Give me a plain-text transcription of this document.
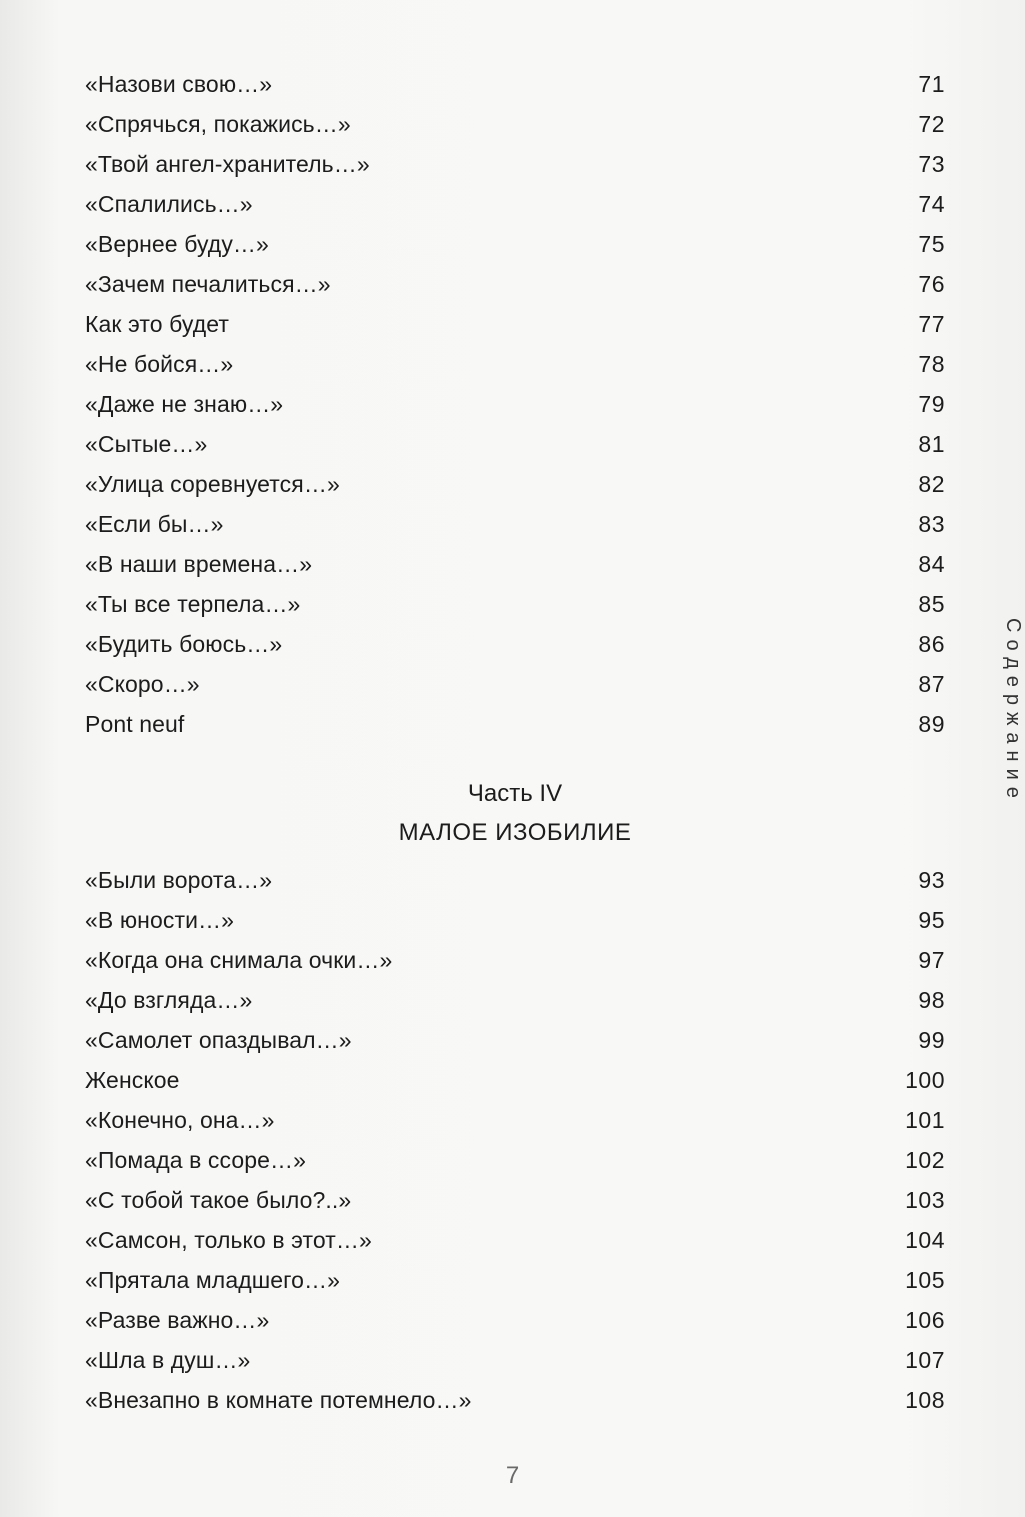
«Назови свою…»	71
«Спрячься, покажись…»	72
«Твой ангел-хранитель…»	73
«Спалились…»	74
«Вернее буду…»	75
«Зачем печалиться…»	76
Как это будет	77
«Не бойся…»	78
«Даже не знаю…»	79
«Сытые…»	81
«Улица соревнуется…»	82
«Если бы…»	83
«В наши времена…»	84
«Ты все терпела…»	85
«Будить боюсь…»	86
«Скоро…»	87
Pont neuf	89
Часть IV
МАЛОЕ ИЗОБИЛИЕ
«Были ворота…»	93
«В юности…»	95
«Когда она снимала очки…»	97
«До взгляда…»	98
«Самолет опаздывал…»	99
Женское	100
«Конечно, она…»	101
«Помада в ссоре…»	102
«С тобой такое было?..»	103
«Самсон, только в этот…»	104
«Прятала младшего…»	105
«Разве важно…»	106
«Шла в душ…»	107
«Внезапно в комнате потемнело…»	108
Содержание
7
